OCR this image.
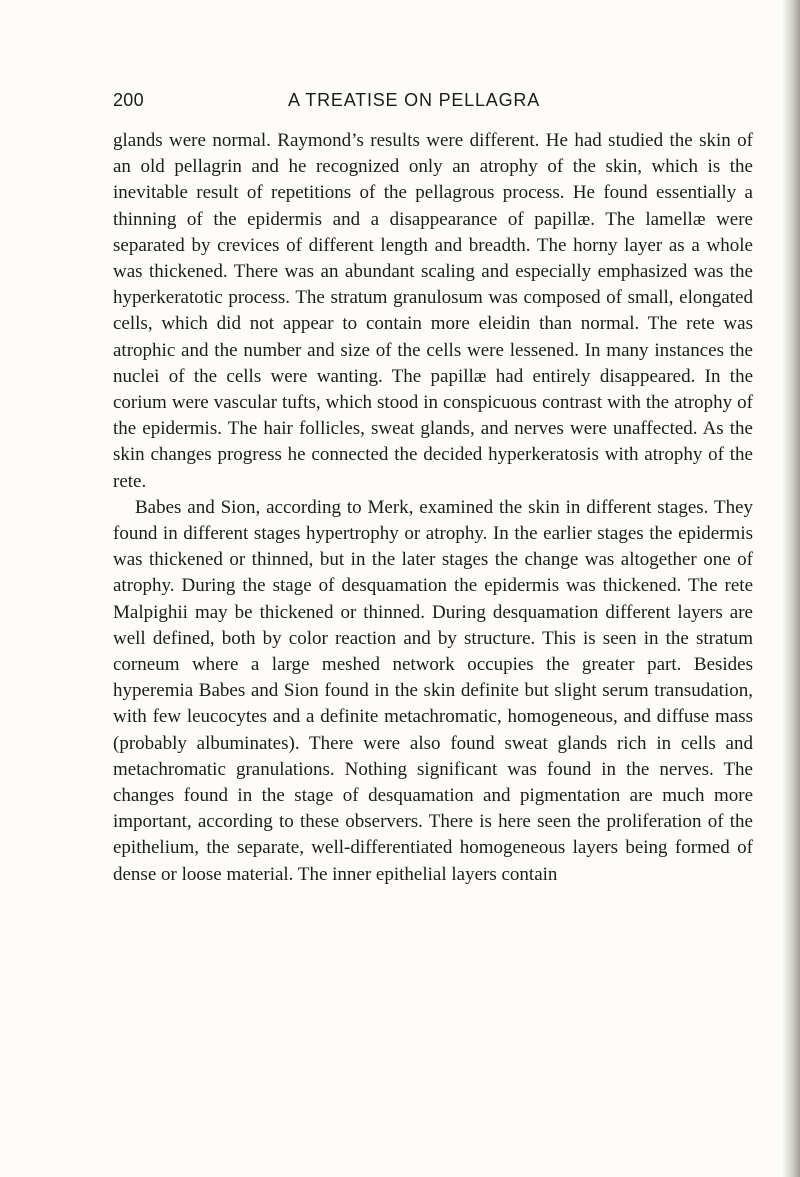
200	A TREATISE ON PELLAGRA

glands were normal. Raymond’s results were different. He had studied the skin of an old pellagrin and he recognized only an atrophy of the skin, which is the inevitable result of repetitions of the pellagrous process. He found essentially a thinning of the epidermis and a disappearance of papillæ. The lamellæ were separated by crevices of different length and breadth. The horny layer as a whole was thickened. There was an abundant scaling and especially emphasized was the hyperkeratotic process. The stratum granulosum was composed of small, elongated cells, which did not appear to contain more eleidin than normal. The rete was atrophic and the number and size of the cells were lessened. In many instances the nuclei of the cells were wanting. The papillæ had entirely disappeared. In the corium were vascular tufts, which stood in conspicuous contrast with the atrophy of the epidermis. The hair follicles, sweat glands, and nerves were unaffected. As the skin changes progress he connected the decided hyperkeratosis with atrophy of the rete.

Babes and Sion, according to Merk, examined the skin in different stages. They found in different stages hypertrophy or atrophy. In the earlier stages the epidermis was thickened or thinned, but in the later stages the change was altogether one of atrophy. During the stage of desquamation the epidermis was thickened. The rete Malpighii may be thickened or thinned. During desquamation different layers are well defined, both by color reaction and by structure. This is seen in the stratum corneum where a large meshed network occupies the greater part. Besides hyperemia Babes and Sion found in the skin definite but slight serum transudation, with few leucocytes and a definite metachromatic, homogeneous, and diffuse mass (probably albuminates). There were also found sweat glands rich in cells and metachromatic granulations. Nothing significant was found in the nerves. The changes found in the stage of desquamation and pigmentation are much more important, according to these observers. There is here seen the proliferation of the epithelium, the separate, well-differentiated homogeneous layers being formed of dense or loose material. The inner epithelial layers contain
